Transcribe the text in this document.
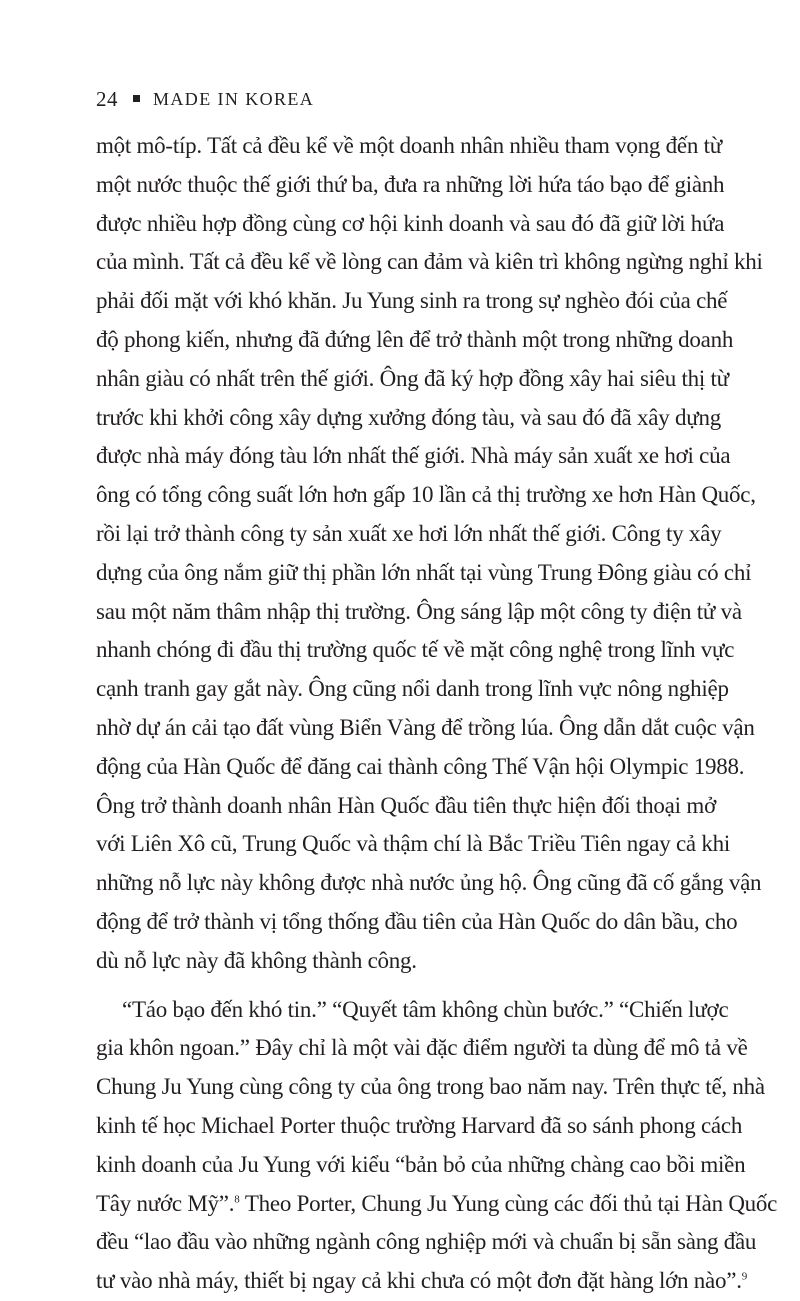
24 MADE IN KOREA
một mô-típ. Tất cả đều kể về một doanh nhân nhiều tham vọng đến từ
một nước thuộc thế giới thứ ba, đưa ra những lời hứa táo bạo để giành
được nhiều hợp đồng cùng cơ hội kinh doanh và sau đó đã giữ lời hứa
của mình. Tất cả đều kể về lòng can đảm và kiên trì không ngừng nghỉ khi
phải đối mặt với khó khăn. Ju Yung sinh ra trong sự nghèo đói của chế
độ phong kiến, nhưng đã đứng lên để trở thành một trong những doanh
nhân giàu có nhất trên thế giới. Ông đã ký hợp đồng xây hai siêu thị từ
trước khi khởi công xây dựng xưởng đóng tàu, và sau đó đã xây dựng
được nhà máy đóng tàu lớn nhất thế giới. Nhà máy sản xuất xe hơi của
ông có tổng công suất lớn hơn gấp 10 lần cả thị trường xe hơn Hàn Quốc,
rồi lại trở thành công ty sản xuất xe hơi lớn nhất thế giới. Công ty xây
dựng của ông nắm giữ thị phần lớn nhất tại vùng Trung Đông giàu có chỉ
sau một năm thâm nhập thị trường. Ông sáng lập một công ty điện tử và
nhanh chóng đi đầu thị trường quốc tế về mặt công nghệ trong lĩnh vực
cạnh tranh gay gắt này. Ông cũng nổi danh trong lĩnh vực nông nghiệp
nhờ dự án cải tạo đất vùng Biển Vàng để trồng lúa. Ông dẫn dắt cuộc vận
động của Hàn Quốc để đăng cai thành công Thế Vận hội Olympic 1988.
Ông trở thành doanh nhân Hàn Quốc đầu tiên thực hiện đối thoại mở
với Liên Xô cũ, Trung Quốc và thậm chí là Bắc Triều Tiên ngay cả khi
những nỗ lực này không được nhà nước ủng hộ. Ông cũng đã cố gắng vận
động để trở thành vị tổng thống đầu tiên của Hàn Quốc do dân bầu, cho
dù nỗ lực này đã không thành công.
“Táo bạo đến khó tin.” “Quyết tâm không chùn bước.” “Chiến lược
gia khôn ngoan.” Đây chỉ là một vài đặc điểm người ta dùng để mô tả về
Chung Ju Yung cùng công ty của ông trong bao năm nay. Trên thực tế, nhà
kinh tế học Michael Porter thuộc trường Harvard đã so sánh phong cách
kinh doanh của Ju Yung với kiểu “bản bỏ của những chàng cao bồi miền
Tây nước Mỹ”.$^8$ Theo Porter, Chung Ju Yung cùng các đối thủ tại Hàn Quốc
đều “lao đầu vào những ngành công nghiệp mới và chuẩn bị sẵn sàng đầu
tư vào nhà máy, thiết bị ngay cả khi chưa có một đơn đặt hàng lớn nào”.$^9$
